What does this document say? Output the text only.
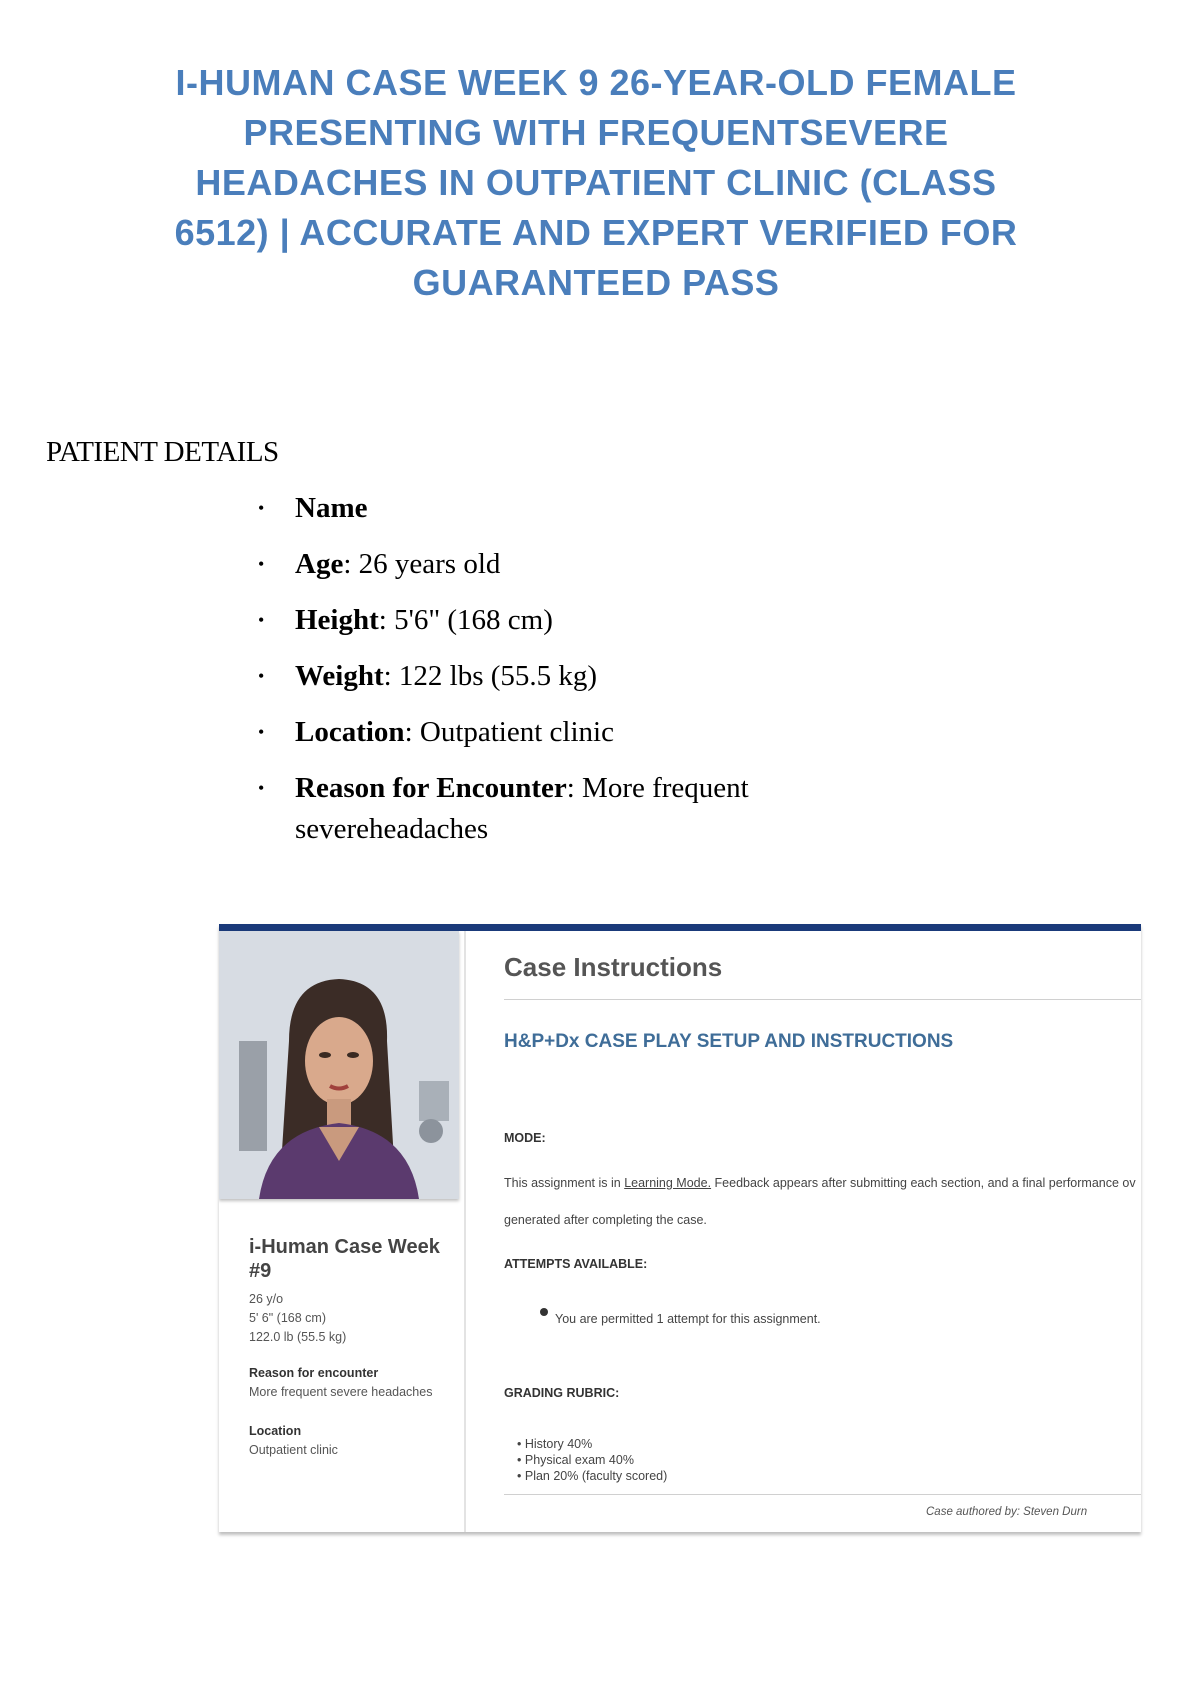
I-HUMAN CASE WEEK 9 26-YEAR-OLD FEMALE
PRESENTING WITH FREQUENTSEVERE
HEADACHES IN OUTPATIENT CLINIC (CLASS
6512) | ACCURATE AND EXPERT VERIFIED FOR
GUARANTEED PASS
PATIENT DETAILS
• Name
• Age: 26 years old
• Height: 5'6" (168 cm)
• Weight: 122 lbs (55.5 kg)
• Location: Outpatient clinic
• Reason for Encounter: More frequent severeheadaches
i-Human Case Week #9
26 y/o
5' 6" (168 cm)
122.0 lb (55.5 kg)
Reason for encounter
More frequent severe headaches
Location
Outpatient clinic
Case Instructions
H&P+Dx CASE PLAY SETUP AND INSTRUCTIONS
MODE:
This assignment is in Learning Mode. Feedback appears after submitting each section, and a final performance ov
generated after completing the case.
ATTEMPTS AVAILABLE:
You are permitted 1 attempt for this assignment.
GRADING RUBRIC:
• History 40%
• Physical exam 40%
• Plan 20% (faculty scored)
Case authored by: Steven Durn
